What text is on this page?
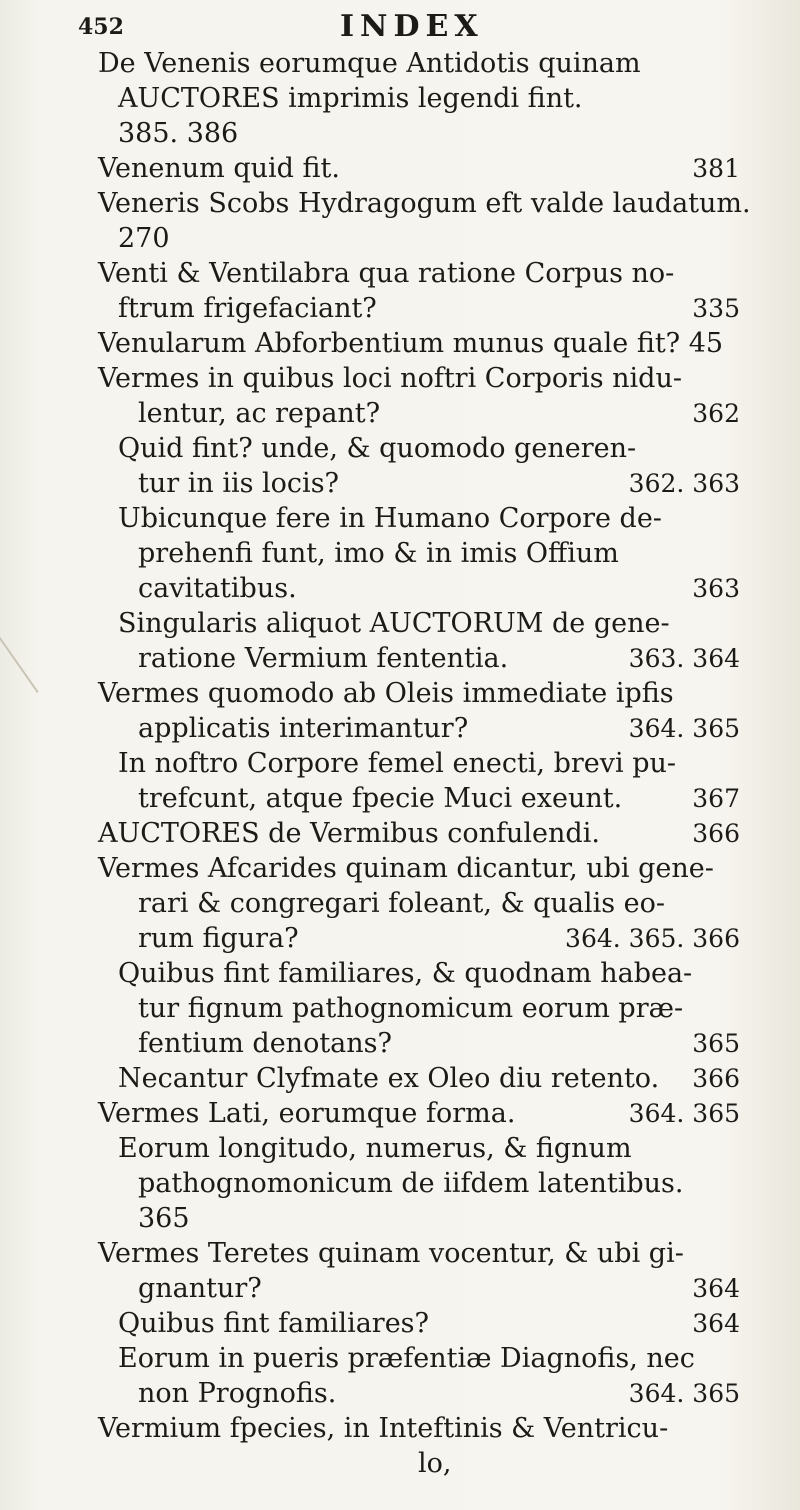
452	INDEX
De Venenis eorumque Antidotis quinam
AUCTORES imprimis legendi fint.
385. 386
Venenum quid fit.	381
Veneris Scobs Hydragogum eft valde laudatum.
270
Venti & Ventilabra qua ratione Corpus no-
ftrum frigefaciant?	335
Venularum Abforbentium munus quale fit? 45
Vermes in quibus loci noftri Corporis nidu-
lentur, ac repant?	362
Quid fint? unde, & quomodo generen-
tur in iis locis?	362. 363
Ubicunque fere in Humano Corpore de-
prehenfi funt, imo & in imis Offium
cavitatibus.	363
Singularis aliquot AUCTORUM de gene-
ratione Vermium fententia.	363. 364
Vermes quomodo ab Oleis immediate ipfis
applicatis interimantur?	364. 365
In noftro Corpore femel enecti, brevi pu-
trefcunt, atque fpecie Muci exeunt.	367
AUCTORES de Vermibus confulendi.	366
Vermes Afcarides quinam dicantur, ubi gene-
rari & congregari foleant, & qualis eo-
rum figura?	364. 365. 366
Quibus fint familiares, & quodnam habea-
tur fignum pathognomicum eorum præ-
fentium denotans?	365
Necantur Clyfmate ex Oleo diu retento. 366
Vermes Lati, eorumque forma.	364. 365
Eorum longitudo, numerus, & fignum
pathognomonicum de iifdem latentibus.
365
Vermes Teretes quinam vocentur, & ubi gi-
gnantur?	364
Quibus fint familiares?	364
Eorum in pueris præfentiæ Diagnofis, nec
non Prognofis.	364. 365
Vermium fpecies, in Inteftinis & Ventricu-
lo,
